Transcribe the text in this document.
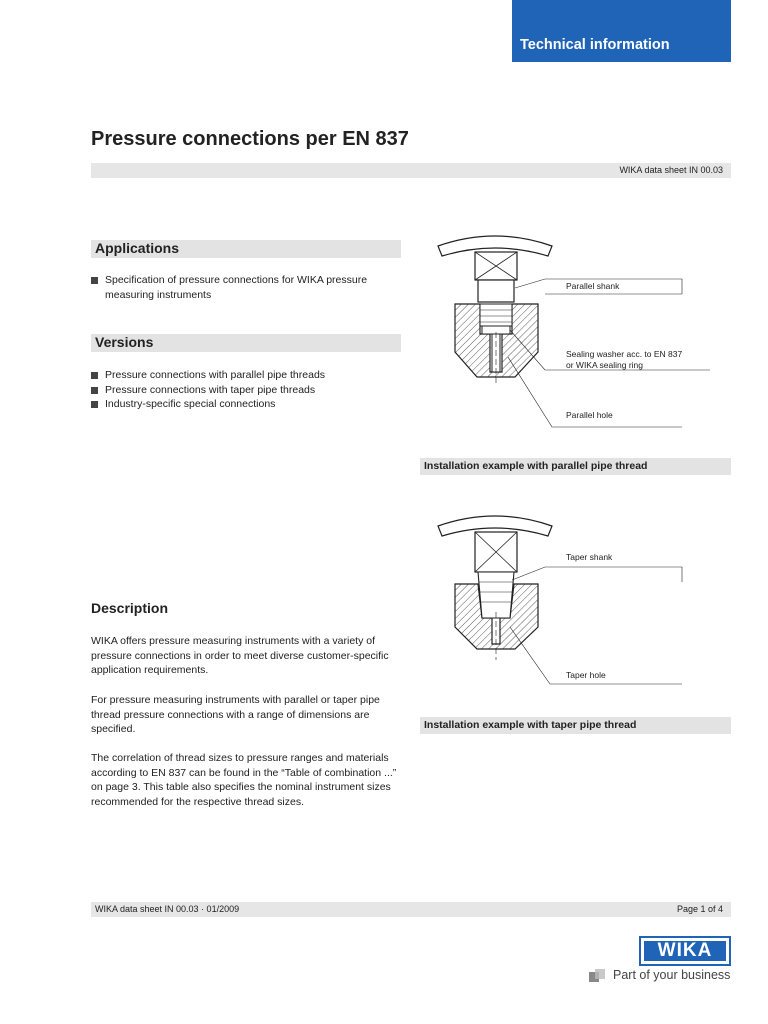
Technical information
Pressure connections per EN 837
WIKA data sheet IN 00.03
Applications
Specification of pressure connections for WIKA pressure measuring instruments
Versions
Pressure connections with parallel pipe threads
Pressure connections with taper pipe threads
Industry-specific special connections
Description
WIKA offers pressure measuring instruments with a variety of pressure connections in order to meet diverse customer-specific application requirements.
For pressure measuring instruments with parallel or taper pipe thread pressure connections with a range of dimensions are specified.
The correlation of thread sizes to pressure ranges and materials according to EN 837 can be found in the “Table of combination ...” on page 3. This table also specifies the nominal instrument sizes recommended for the respective thread sizes.
Parallel shank
Sealing washer acc. to EN 837
or WIKA sealing ring
Parallel hole
Installation example with parallel pipe thread
Taper shank
Taper hole
Installation example with taper pipe thread
WIKA data sheet IN 00.03 · 01/2009	Page 1 of 4
WIKA
Part of your business
